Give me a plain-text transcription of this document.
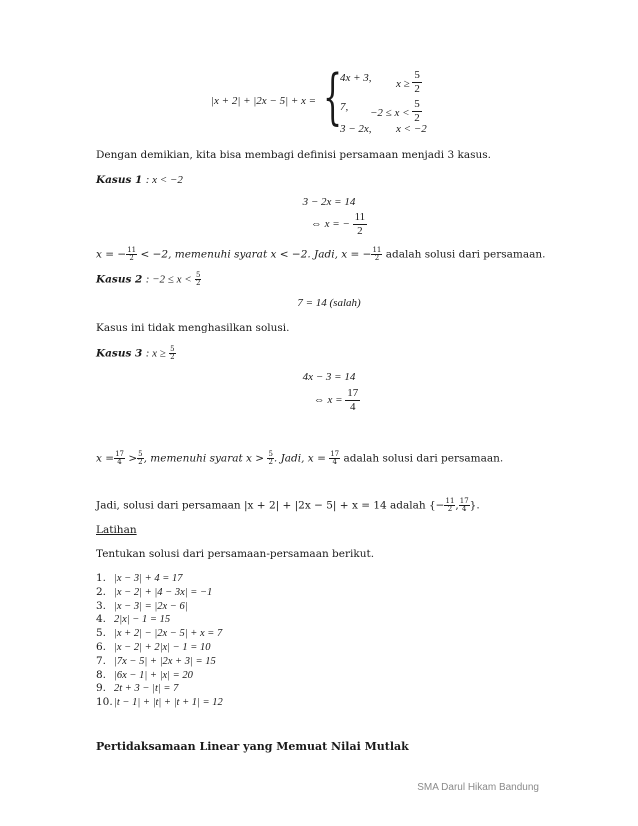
|x + 2| + |2x − 5| + x = {
4x + 3,
$x \ge \frac{5}{2}$
7,
$-2 \le x < \frac{5}{2}$
3 − 2x, x < −2
Dengan demikian, kita bisa membagi definisi persamaan menjadi 3 kasus.
Kasus 1 : x < −2
3 − 2x = 14
⇔ x = − $\frac{11}{2}$
x = − $\frac{11}{2} < -2$, memenuhi syarat x < −2. Jadi, x = − $\frac{11}{2}$ adalah solusi dari persamaan.
Kasus 2 : $-2 \le x < \frac{5}{2}$
7 = 14 (salah)
Kasus ini tidak menghasilkan solusi.
Kasus 3 : $x \ge \frac{5}{2}$
4x − 3 = 14
⇔ $x = \frac{17}{4}$
$x = \frac{17}{4} > \frac{5}{2}$ , memenuhi syarat $x > \frac{5}{2}$ . Jadi, $x = \frac{17}{4}$ adalah solusi dari persamaan.
Jadi, solusi dari persamaan |x + 2| + |2x − 5| + x = 14 adalah {− $\frac{11}{2}$ , $\frac{17}{4}$ }.
Latihan
Tentukan solusi dari persamaan-persamaan berikut.
1. |x − 3| + 4 = 17
2. |x − 2| + |4 − 3x| = −1
3. |x − 3| = |2x − 6|
4. 2|x| − 1 = 15
5. |x + 2| − |2x − 5| + x = 7
6. |x − 2| + 2|x| − 1 = 10
7. |7x − 5| + |2x + 3| = 15
8. |6x − 1| + |x| = 20
9. 2t + 3 − |t| = 7
10.|t − 1| + |t| + |t + 1| = 12
Pertidaksamaan Linear yang Memuat Nilai Mutlak
SMA Darul Hikam Bandung
